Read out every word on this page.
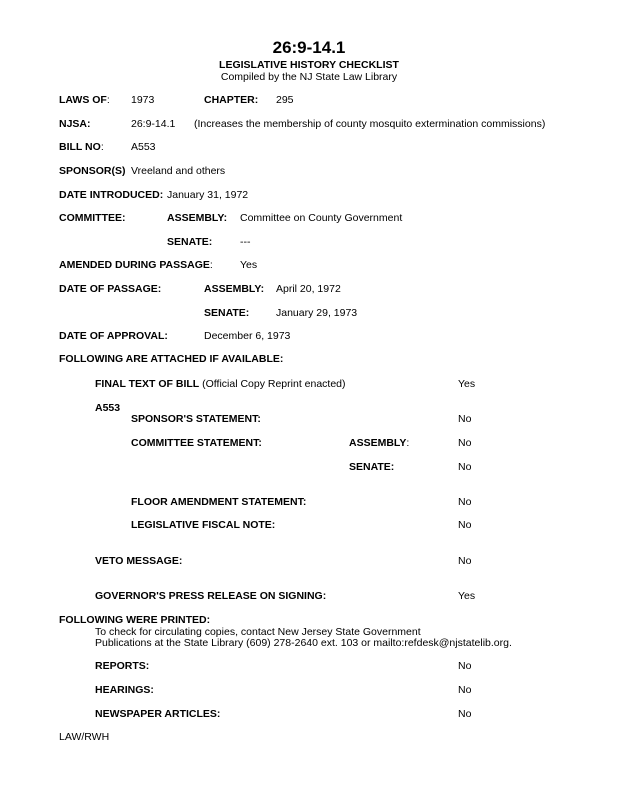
26:9-14.1
LEGISLATIVE HISTORY CHECKLIST
Compiled by the NJ State Law Library
LAWS OF: 1973	CHAPTER: 295
NJSA:	26:9-14.1 (Increases the membership of county mosquito extermination commissions)
BILL NO:	A553
SPONSOR(S) Vreeland and others
DATE INTRODUCED: January 31, 1972
COMMITTEE:	ASSEMBLY: Committee on County Government
SENATE:	---
AMENDED DURING PASSAGE:	Yes
DATE OF PASSAGE:	ASSEMBLY: April 20, 1972
SENATE:	January 29, 1973
DATE OF APPROVAL:	December 6, 1973
FOLLOWING ARE ATTACHED IF AVAILABLE:
FINAL TEXT OF BILL (Official Copy Reprint enacted)	Yes
A553
SPONSOR'S STATEMENT:	No
COMMITTEE STATEMENT:	ASSEMBLY:	No
SENATE:	No
FLOOR AMENDMENT STATEMENT:	No
LEGISLATIVE FISCAL NOTE:	No
VETO MESSAGE:	No
GOVERNOR'S PRESS RELEASE ON SIGNING:	Yes
FOLLOWING WERE PRINTED:
To check for circulating copies, contact New Jersey State Government
Publications at the State Library (609) 278-2640 ext. 103 or mailto:refdesk@njstatelib.org.
REPORTS:	No
HEARINGS:	No
NEWSPAPER ARTICLES:	No
LAW/RWH
